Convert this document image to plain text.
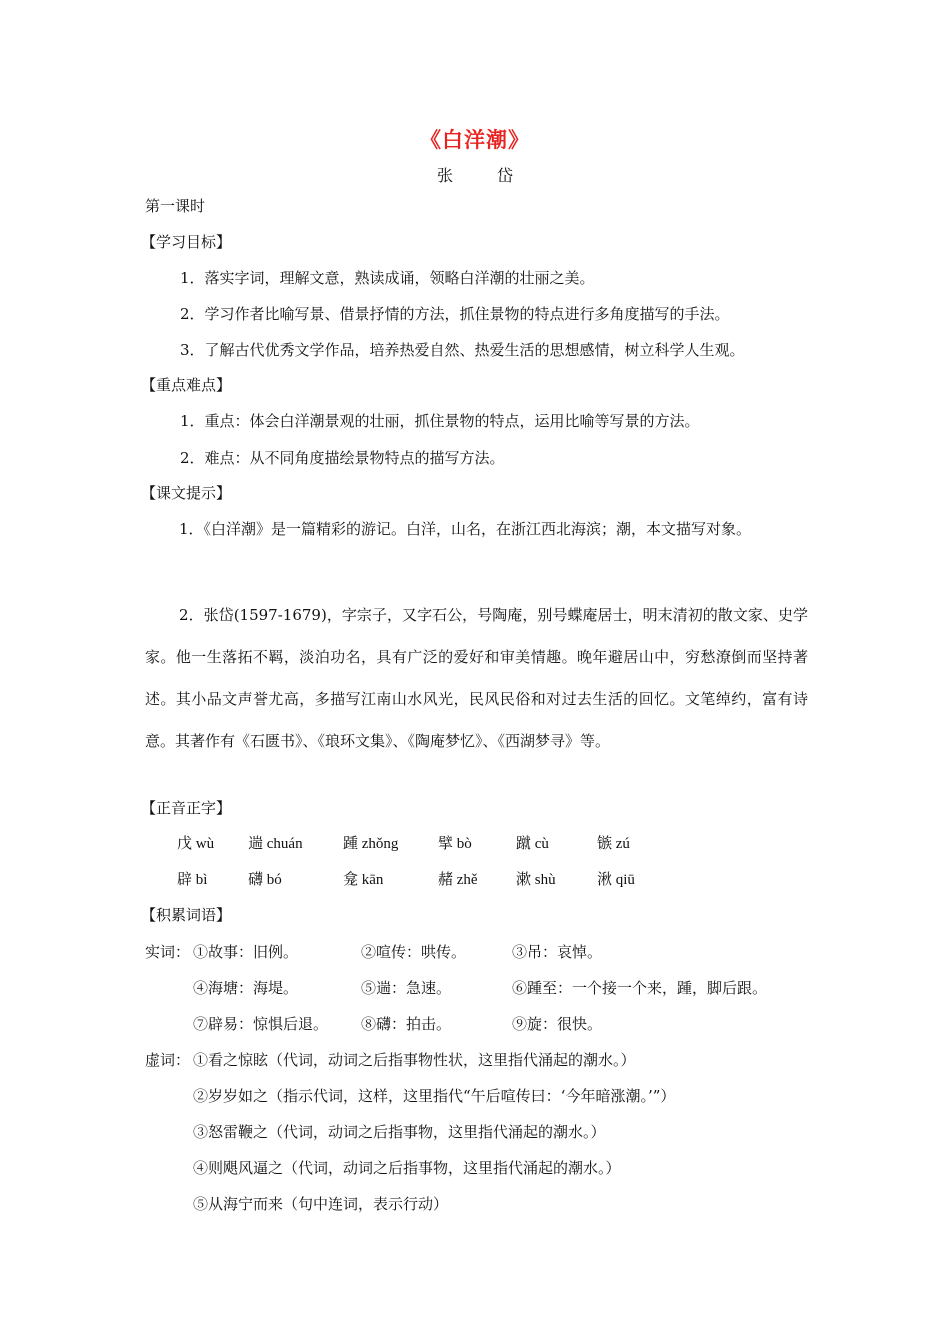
《白洋潮》
张　岱
第一课时
【学习目标】
1．落实字词，理解文意，熟读成诵，领略白洋潮的壮丽之美。
2．学习作者比喻写景、借景抒情的方法，抓住景物的特点进行多角度描写的手法。
3．了解古代优秀文学作品，培养热爱自然、热爱生活的思想感情，树立科学人生观。
【重点难点】
1．重点：体会白洋潮景观的壮丽，抓住景物的特点，运用比喻等写景的方法。
2．难点：从不同角度描绘景物特点的描写方法。
【课文提示】

1．《白洋潮》是一篇精彩的游记。白洋，山名，在浙江西北海滨；潮，本文描写对象。

2．张岱(1597-1679)，字宗子，又字石公，号陶庵，别号蝶庵居士，明末清初的散文家、史学家。他一生落拓不羁，淡泊功名，具有广泛的爱好和审美情趣。晚年避居山中，穷愁潦倒而坚持著述。其小品文声誉尤高，多描写江南山水风光，民风民俗和对过去生活的回忆。文笔绰约，富有诗意。其著作有《石匮书》、《琅环文集》、《陶庵梦忆》、《西湖梦寻》等。

【正音正字】
戊 wù 遄 chuán	踵 zhǒng	擘 bò	蹴 cù	镞 zú
辟 bì	礴 bó	龛 kān	赭 zhě	漱 shù	湫 qiū
【积累词语】
实词： ①故事：旧例。	②喧传：哄传。	③吊：哀悼。
④海塘：海堤。	⑤遄：急速。	⑥踵至：一个接一个来，踵，脚后跟。
⑦辟易：惊惧后退。 ⑧礴：拍击。	⑨旋：很快。
虚词： ①看之惊眩（代词，动词之后指事物性状，这里指代涌起的潮水。）
②岁岁如之（指示代词，这样，这里指代“午后喧传曰：‘今年暗涨潮。’”）
③怒雷鞭之（代词，动词之后指事物，这里指代涌起的潮水。）
④则飓风逼之（代词，动词之后指事物，这里指代涌起的潮水。）
⑤从海宁而来（句中连词，表示行动）
